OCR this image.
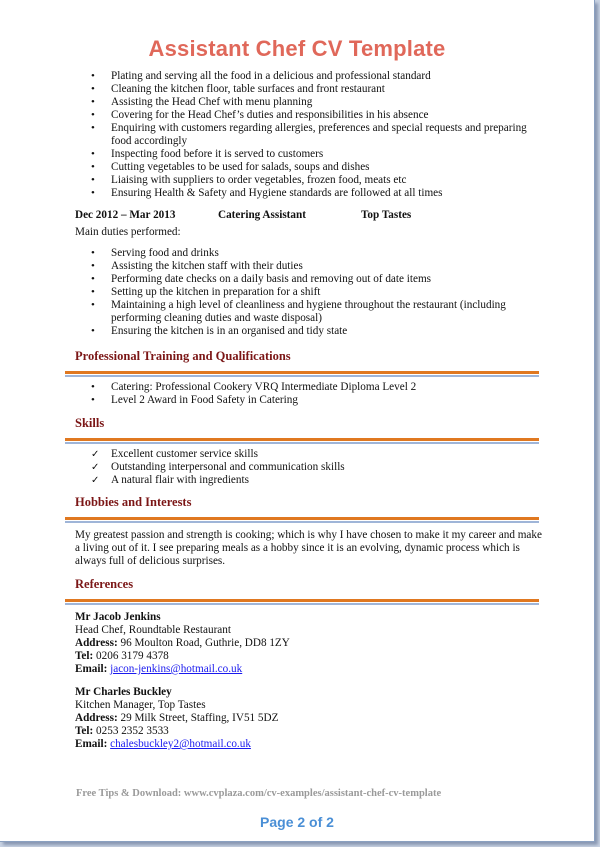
Assistant Chef CV Template
• Plating and serving all the food in a delicious and professional standard
• Cleaning the kitchen floor, table surfaces and front restaurant
• Assisting the Head Chef with menu planning
• Covering for the Head Chef’s duties and responsibilities in his absence
• Enquiring with customers regarding allergies, preferences and special requests and preparing food accordingly
• Inspecting food before it is served to customers
• Cutting vegetables to be used for salads, soups and dishes
• Liaising with suppliers to order vegetables, frozen food, meats etc
• Ensuring Health & Safety and Hygiene standards are followed at all times
Dec 2012 – Mar 2013	Catering Assistant	Top Tastes
Main duties performed:
• Serving food and drinks
• Assisting the kitchen staff with their duties
• Performing date checks on a daily basis and removing out of date items
• Setting up the kitchen in preparation for a shift
• Maintaining a high level of cleanliness and hygiene throughout the restaurant (including performing cleaning duties and waste disposal)
• Ensuring the kitchen is in an organised and tidy state
Professional Training and Qualifications
• Catering: Professional Cookery VRQ Intermediate Diploma Level 2
• Level 2 Award in Food Safety in Catering
Skills
✓ Excellent customer service skills
✓ Outstanding interpersonal and communication skills
✓ A natural flair with ingredients
Hobbies and Interests
My greatest passion and strength is cooking; which is why I have chosen to make it my career and make a living out of it. I see preparing meals as a hobby since it is an evolving, dynamic process which is always full of delicious surprises.
References
Mr Jacob Jenkins
Head Chef, Roundtable Restaurant
Address: 96 Moulton Road, Guthrie, DD8 1ZY
Tel: 0206 3179 4378
Email: jacon-jenkins@hotmail.co.uk
Mr Charles Buckley
Kitchen Manager, Top Tastes
Address: 29 Milk Street, Staffing, IV51 5DZ
Tel: 0253 2352 3533
Email: chalesbuckley2@hotmail.co.uk
Free Tips & Download: www.cvplaza.com/cv-examples/assistant-chef-cv-template
Page 2 of 2
